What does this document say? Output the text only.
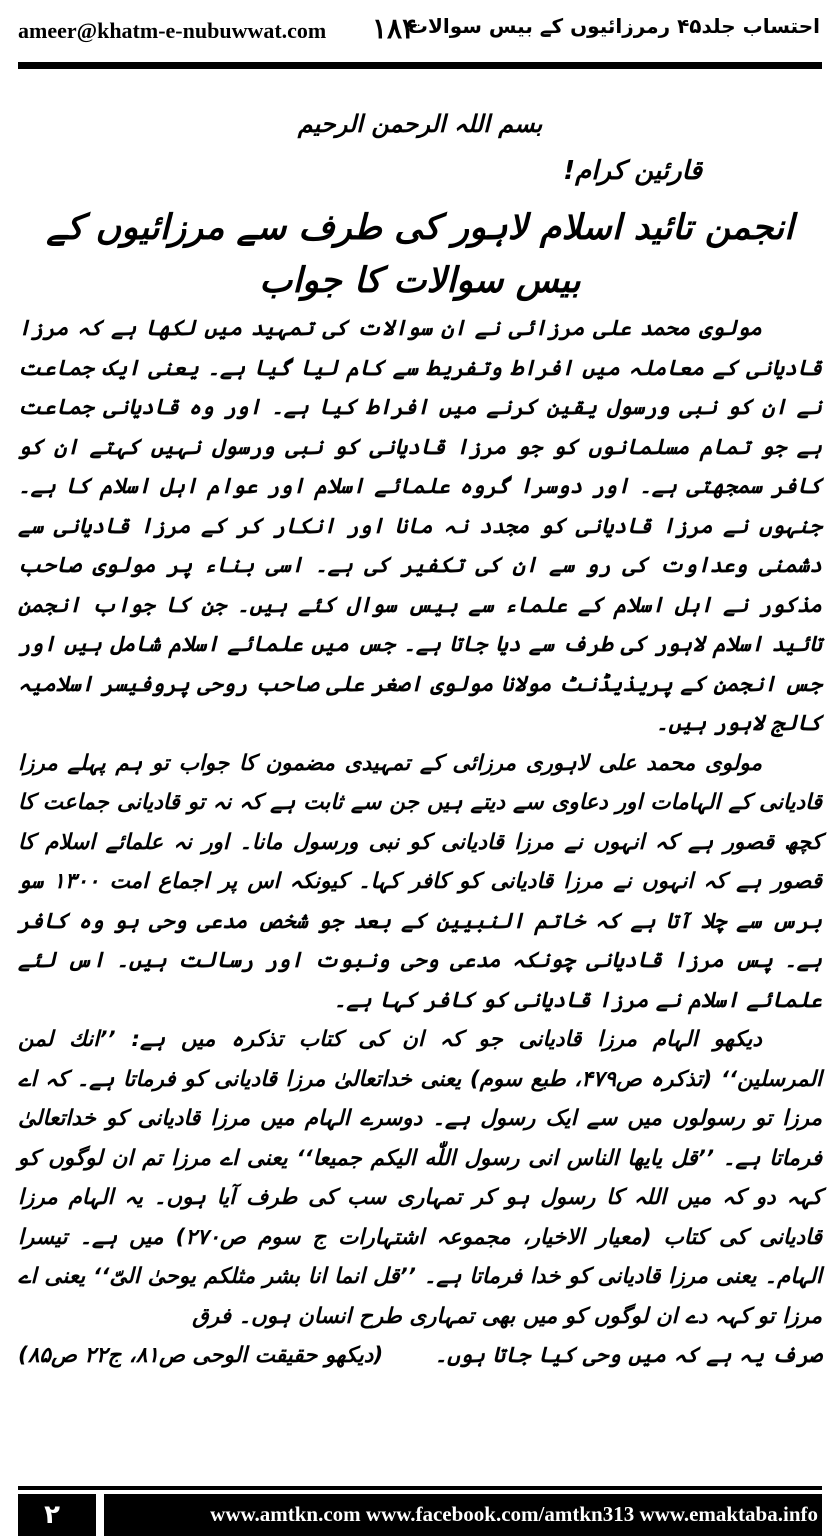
ameer@khatm-e-nubuwwat.com ۱۸۴
احتساب جلد۴۵ رمرزائیوں کے بیس سوالات
بسم اللہ الرحمن الرحیم
قارئین کرام!
انجمن تائید اسلام لاہور کی طرف سے مرزائیوں کے بیس سوالات کا جواب

مولوی محمد علی مرزائی نے ان سوالات کی تمہید میں لکھا ہے کہ مرزا قادیانی کے معاملہ میں افراط وتفریط سے کام لیا گیا ہے۔ یعنی ایک جماعت نے ان کو نبی ورسول یقین کرنے میں افراط کیا ہے۔ اور وہ قادیانی جماعت ہے جو تمام مسلمانوں کو جو مرزا قادیانی کو نبی ورسول نہیں کہتے ان کو کافر سمجھتی ہے۔ اور دوسرا گروہ علمائے اسلام اور عوام اہل اسلام کا ہے۔ جنہوں نے مرزا قادیانی کو مجدد نہ مانا اور انکار کر کے مرزا قادیانی سے دشمنی وعداوت کی رو سے ان کی تکفیر کی ہے۔ اسی بناء پر مولوی صاحب مذکور نے اہل اسلام کے علماء سے بیس سوال کئے ہیں۔ جن کا جواب انجمن تائید اسلام لاہور کی طرف سے دیا جاتا ہے۔ جس میں علمائے اسلام شامل ہیں اور جس انجمن کے پریذیڈنٹ مولانا مولوی اصغر علی صاحب روحی پروفیسر اسلامیہ کالج لاہور ہیں۔

مولوی محمد علی لاہوری مرزائی کے تمہیدی مضمون کا جواب تو ہم پہلے مرزا قادیانی کے الہامات اور دعاوی سے دیتے ہیں جن سے ثابت ہے کہ نہ تو قادیانی جماعت کا کچھ قصور ہے کہ انہوں نے مرزا قادیانی کو نبی ورسول مانا۔ اور نہ علمائے اسلام کا قصور ہے کہ انہوں نے مرزا قادیانی کو کافر کہا۔ کیونکہ اس پر اجماع امت ۱۳۰۰ سو برس سے چلا آتا ہے کہ خاتم النبیین کے بعد جو شخص مدعی وحی ہو وہ کافر ہے۔ پس مرزا قادیانی چونکہ مدعی وحی ونبوت اور رسالت ہیں۔ اس لئے علمائے اسلام نے مرزا قادیانی کو کافر کہا ہے۔

دیکھو الہام مرزا قادیانی جو کہ ان کی کتاب تذکرہ میں ہے: ’’انك لمن المرسلین‘‘ (تذکرہ ص۴۷۹، طبع سوم) یعنی خداتعالیٰ مرزا قادیانی کو فرماتا ہے۔ کہ اے مرزا تو رسولوں میں سے ایک رسول ہے۔ دوسرے الہام میں مرزا قادیانی کو خداتعالیٰ فرماتا ہے۔ ’’قل یایها الناس انی رسول اللّٰه الیکم جمیعا‘‘ یعنی اے مرزا تم ان لوگوں کو کہہ دو کہ میں اللہ کا رسول ہو کر تمہاری سب کی طرف آیا ہوں۔ یہ الہام مرزا قادیانی کی کتاب (معیار الاخیار، مجموعہ اشتہارات ج سوم ص۲۷۰) میں ہے۔ تیسرا الہام۔ یعنی مرزا قادیانی کو خدا فرماتا ہے۔ ’’قل انما انا بشر مثلکم یوحیٰ الیّ‘‘ یعنی اے مرزا تو کہہ دے ان لوگوں کو میں بھی تمہاری طرح انسان ہوں۔ فرق

صرف یہ ہے کہ میں وحی کیا جاتا ہوں۔
(دیکھو حقیقت الوحی ص۸۱، ج۲۲ ص۸۵)
۲	www.amtkn.com www.facebook.com/amtkn313 www.emaktaba.info
